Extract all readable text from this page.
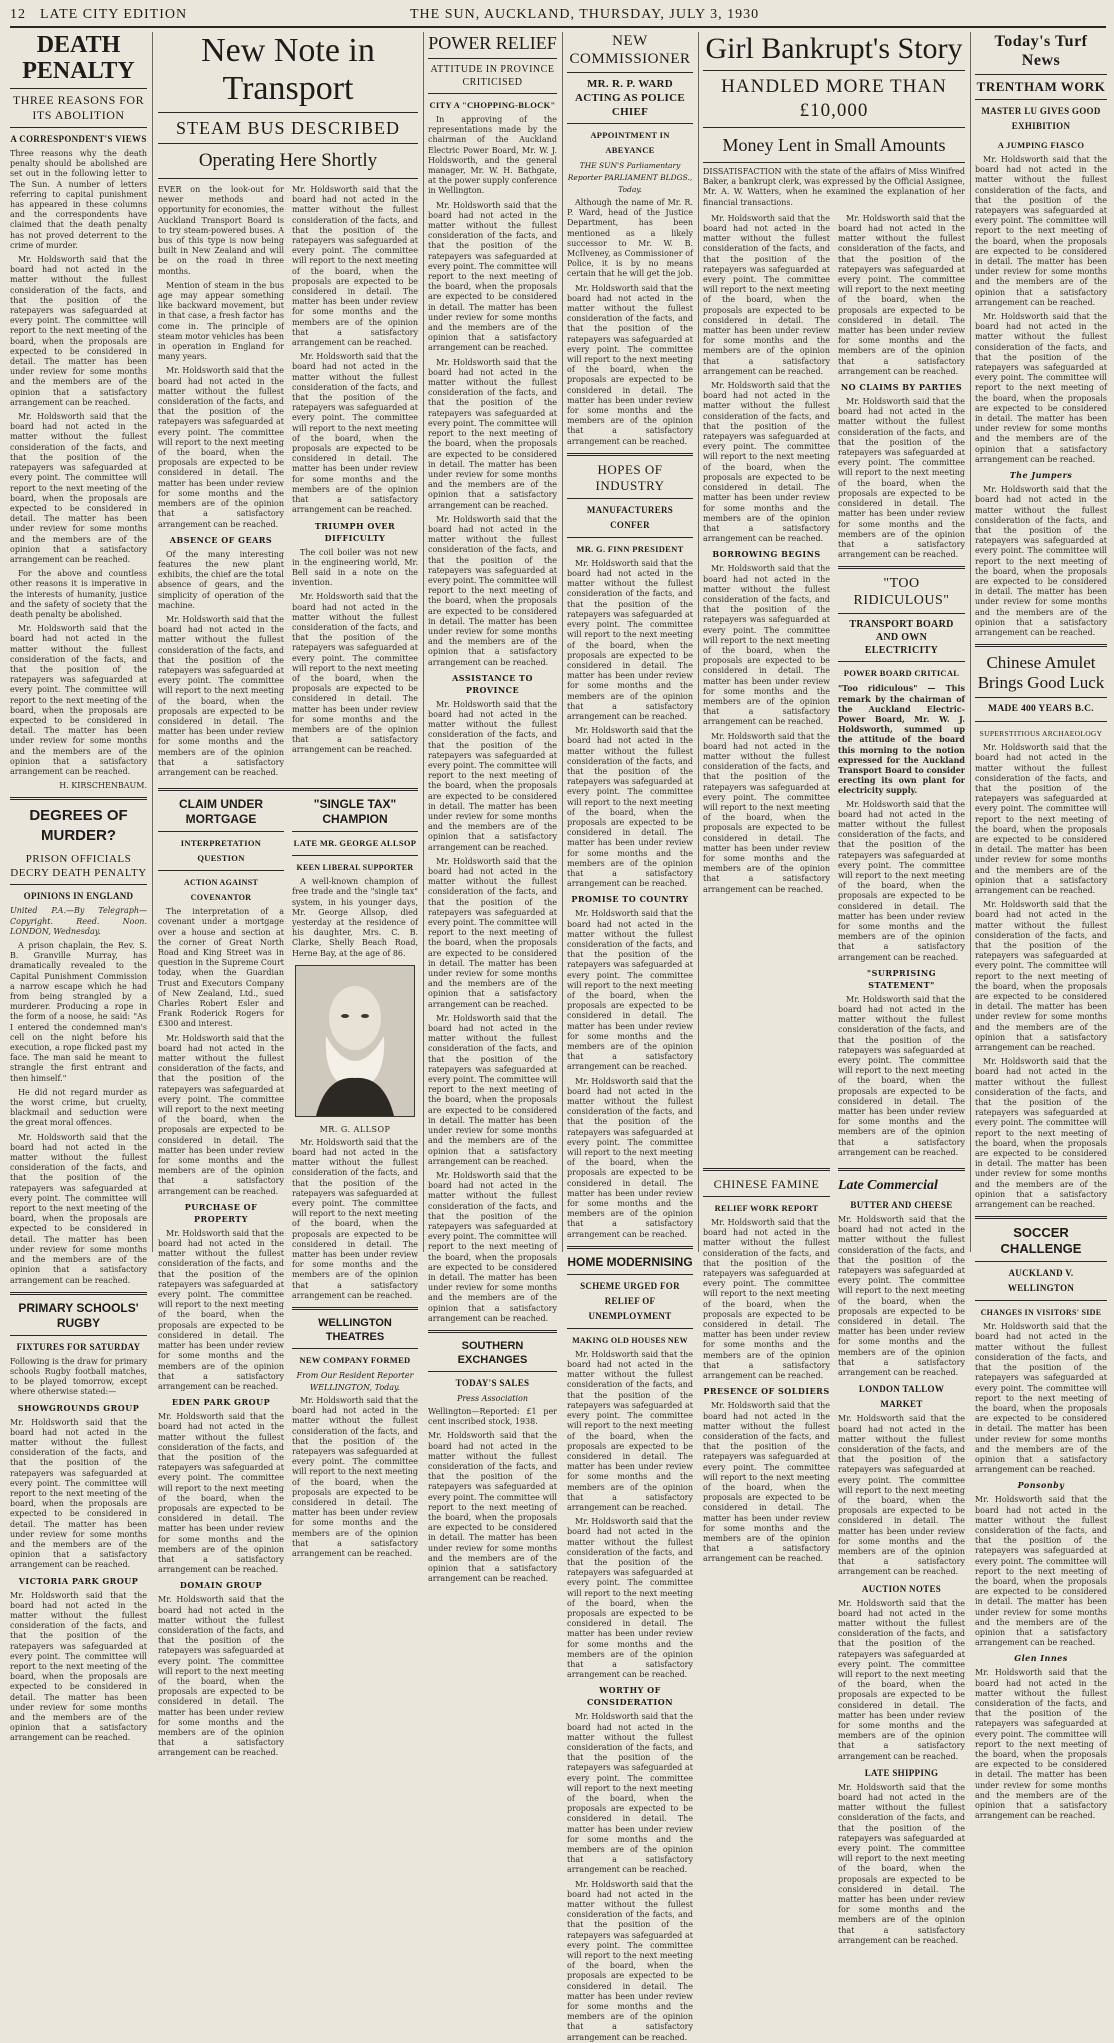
12 LATE CITY EDITION	THE SUN, AUCKLAND, THURSDAY, JULY 3, 1930
DEATH PENALTY
THREE REASONS FOR ITS ABOLITION
A CORRESPONDENT'S VIEWS

Three reasons why the death penalty should be abolished are set out in the following letter to The Sun. A number of letters referring to capital punishment has appeared in these columns and the correspondents have claimed that the death penalty has not proved deterrent to the crime of murder.

Mr. Holdsworth said that the board had not acted in the matter without the fullest consideration of the facts, and that the position of the ratepayers was safeguarded at every point. The committee will report to the next meeting of the board, when the proposals are expected to be considered in detail. The matter has been under review for some months and the members are of the opinion that a satisfactory arrangement can be reached.

Mr. Holdsworth said that the board had not acted in the matter without the fullest consideration of the facts, and that the position of the ratepayers was safeguarded at every point. The committee will report to the next meeting of the board, when the proposals are expected to be considered in detail. The matter has been under review for some months and the members are of the opinion that a satisfactory arrangement can be reached.

For the above and countless other reasons it is imperative in the interests of humanity, justice and the safety of society that the death penalty be abolished.

Mr. Holdsworth said that the board had not acted in the matter without the fullest consideration of the facts, and that the position of the ratepayers was safeguarded at every point. The committee will report to the next meeting of the board, when the proposals are expected to be considered in detail. The matter has been under review for some months and the members are of the opinion that a satisfactory arrangement can be reached.

H. KIRSCHENBAUM.

DEGREES OF MURDER?
PRISON OFFICIALS DECRY DEATH PENALTY
OPINIONS IN ENGLAND

United P.A.—By Telegraph—Copyright. Reed. Noon. LONDON, Wednesday.

A prison chaplain, the Rev. S. B. Granville Murray, has dramatically revealed to the Capital Punishment Commission a narrow escape which he had from being strangled by a murderer. Producing a rope in the form of a noose, he said: "As I entered the condemned man's cell on the night before his execution, a rope flicked past my face. The man said he meant to strangle the first entrant and then himself."

He did not regard murder as the worst crime, but cruelty, blackmail and seduction were the great moral offences.

Mr. Holdsworth said that the board had not acted in the matter without the fullest consideration of the facts, and that the position of the ratepayers was safeguarded at every point. The committee will report to the next meeting of the board, when the proposals are expected to be considered in detail. The matter has been under review for some months and the members are of the opinion that a satisfactory arrangement can be reached.

PRIMARY SCHOOLS' RUGBY
FIXTURES FOR SATURDAY

Following is the draw for primary schools Rugby football matches, to be played tomorrow, except where otherwise stated:—

SHOWGROUNDS GROUP

Mr. Holdsworth said that the board had not acted in the matter without the fullest consideration of the facts, and that the position of the ratepayers was safeguarded at every point. The committee will report to the next meeting of the board, when the proposals are expected to be considered in detail. The matter has been under review for some months and the members are of the opinion that a satisfactory arrangement can be reached.

VICTORIA PARK GROUP

Mr. Holdsworth said that the board had not acted in the matter without the fullest consideration of the facts, and that the position of the ratepayers was safeguarded at every point. The committee will report to the next meeting of the board, when the proposals are expected to be considered in detail. The matter has been under review for some months and the members are of the opinion that a satisfactory arrangement can be reached.

New Note in Transport
STEAM BUS DESCRIBED
Operating Here Shortly

EVER on the look-out for newer methods and opportunity for economies, the Auckland Transport Board is to try steam-powered buses. A bus of this type is now being built in New Zealand and will be on the road in three months.

Mention of steam in the bus age may appear something like backward movement, but in that case, a fresh factor has come in. The principle of steam motor vehicles has been in operation in England for many years.

Mr. Holdsworth said that the board had not acted in the matter without the fullest consideration of the facts, and that the position of the ratepayers was safeguarded at every point. The committee will report to the next meeting of the board, when the proposals are expected to be considered in detail. The matter has been under review for some months and the members are of the opinion that a satisfactory arrangement can be reached.

ABSENCE OF GEARS

Of the many interesting features the new plant exhibits, the chief are the total absence of gears, and the simplicity of operation of the machine.

Mr. Holdsworth said that the board had not acted in the matter without the fullest consideration of the facts, and that the position of the ratepayers was safeguarded at every point. The committee will report to the next meeting of the board, when the proposals are expected to be considered in detail. The matter has been under review for some months and the members are of the opinion that a satisfactory arrangement can be reached.

Mr. Holdsworth said that the board had not acted in the matter without the fullest consideration of the facts, and that the position of the ratepayers was safeguarded at every point. The committee will report to the next meeting of the board, when the proposals are expected to be considered in detail. The matter has been under review for some months and the members are of the opinion that a satisfactory arrangement can be reached.

Mr. Holdsworth said that the board had not acted in the matter without the fullest consideration of the facts, and that the position of the ratepayers was safeguarded at every point. The committee will report to the next meeting of the board, when the proposals are expected to be considered in detail. The matter has been under review for some months and the members are of the opinion that a satisfactory arrangement can be reached.

TRIUMPH OVER DIFFICULTY

The coil boiler was not new in the engineering world, Mr. Bell said in a note on the invention.

Mr. Holdsworth said that the board had not acted in the matter without the fullest consideration of the facts, and that the position of the ratepayers was safeguarded at every point. The committee will report to the next meeting of the board, when the proposals are expected to be considered in detail. The matter has been under review for some months and the members are of the opinion that a satisfactory arrangement can be reached.

CLAIM UNDER MORTGAGE
INTERPRETATION QUESTION
ACTION AGAINST COVENANTOR

The interpretation of a covenant under a mortgage over a house and section at the corner of Great North Road and King Street was in question in the Supreme Court today, when the Guardian Trust and Executors Company of New Zealand, Ltd., sued Charles Robert Esler and Frank Roderick Rogers for £300 and interest.

Mr. Holdsworth said that the board had not acted in the matter without the fullest consideration of the facts, and that the position of the ratepayers was safeguarded at every point. The committee will report to the next meeting of the board, when the proposals are expected to be considered in detail. The matter has been under review for some months and the members are of the opinion that a satisfactory arrangement can be reached.

PURCHASE OF PROPERTY

Mr. Holdsworth said that the board had not acted in the matter without the fullest consideration of the facts, and that the position of the ratepayers was safeguarded at every point. The committee will report to the next meeting of the board, when the proposals are expected to be considered in detail. The matter has been under review for some months and the members are of the opinion that a satisfactory arrangement can be reached.

EDEN PARK GROUP

Mr. Holdsworth said that the board had not acted in the matter without the fullest consideration of the facts, and that the position of the ratepayers was safeguarded at every point. The committee will report to the next meeting of the board, when the proposals are expected to be considered in detail. The matter has been under review for some months and the members are of the opinion that a satisfactory arrangement can be reached.

DOMAIN GROUP

Mr. Holdsworth said that the board had not acted in the matter without the fullest consideration of the facts, and that the position of the ratepayers was safeguarded at every point. The committee will report to the next meeting of the board, when the proposals are expected to be considered in detail. The matter has been under review for some months and the members are of the opinion that a satisfactory arrangement can be reached.

"SINGLE TAX" CHAMPION
LATE MR. GEORGE ALLSOP
KEEN LIBERAL SUPPORTER

A well-known champion of free trade and the "single tax" system, in his younger days, Mr. George Allsop, died yesterday at the residence of his daughter, Mrs. C. B. Clarke, Shelly Beach Road, Herne Bay, at the age of 86.

MR. G. ALLSOP

Mr. Holdsworth said that the board had not acted in the matter without the fullest consideration of the facts, and that the position of the ratepayers was safeguarded at every point. The committee will report to the next meeting of the board, when the proposals are expected to be considered in detail. The matter has been under review for some months and the members are of the opinion that a satisfactory arrangement can be reached.

WELLINGTON THEATRES
NEW COMPANY FORMED

From Our Resident Reporter WELLINGTON, Today.

Mr. Holdsworth said that the board had not acted in the matter without the fullest consideration of the facts, and that the position of the ratepayers was safeguarded at every point. The committee will report to the next meeting of the board, when the proposals are expected to be considered in detail. The matter has been under review for some months and the members are of the opinion that a satisfactory arrangement can be reached.

POWER RELIEF
ATTITUDE IN PROVINCE CRITICISED
CITY A "CHOPPING-BLOCK"

In approving of the representations made by the chairman of the Auckland Electric Power Board, Mr. W. J. Holdsworth, and the general manager, Mr. W. H. Bathgate, at the power supply conference in Wellington.

Mr. Holdsworth said that the board had not acted in the matter without the fullest consideration of the facts, and that the position of the ratepayers was safeguarded at every point. The committee will report to the next meeting of the board, when the proposals are expected to be considered in detail. The matter has been under review for some months and the members are of the opinion that a satisfactory arrangement can be reached.

Mr. Holdsworth said that the board had not acted in the matter without the fullest consideration of the facts, and that the position of the ratepayers was safeguarded at every point. The committee will report to the next meeting of the board, when the proposals are expected to be considered in detail. The matter has been under review for some months and the members are of the opinion that a satisfactory arrangement can be reached.

Mr. Holdsworth said that the board had not acted in the matter without the fullest consideration of the facts, and that the position of the ratepayers was safeguarded at every point. The committee will report to the next meeting of the board, when the proposals are expected to be considered in detail. The matter has been under review for some months and the members are of the opinion that a satisfactory arrangement can be reached.

ASSISTANCE TO PROVINCE

Mr. Holdsworth said that the board had not acted in the matter without the fullest consideration of the facts, and that the position of the ratepayers was safeguarded at every point. The committee will report to the next meeting of the board, when the proposals are expected to be considered in detail. The matter has been under review for some months and the members are of the opinion that a satisfactory arrangement can be reached.

Mr. Holdsworth said that the board had not acted in the matter without the fullest consideration of the facts, and that the position of the ratepayers was safeguarded at every point. The committee will report to the next meeting of the board, when the proposals are expected to be considered in detail. The matter has been under review for some months and the members are of the opinion that a satisfactory arrangement can be reached.

Mr. Holdsworth said that the board had not acted in the matter without the fullest consideration of the facts, and that the position of the ratepayers was safeguarded at every point. The committee will report to the next meeting of the board, when the proposals are expected to be considered in detail. The matter has been under review for some months and the members are of the opinion that a satisfactory arrangement can be reached.

Mr. Holdsworth said that the board had not acted in the matter without the fullest consideration of the facts, and that the position of the ratepayers was safeguarded at every point. The committee will report to the next meeting of the board, when the proposals are expected to be considered in detail. The matter has been under review for some months and the members are of the opinion that a satisfactory arrangement can be reached.

SOUTHERN EXCHANGES
TODAY'S SALES

Press Association

Wellington—Reported: £1 per cent inscribed stock, 1938.

Mr. Holdsworth said that the board had not acted in the matter without the fullest consideration of the facts, and that the position of the ratepayers was safeguarded at every point. The committee will report to the next meeting of the board, when the proposals are expected to be considered in detail. The matter has been under review for some months and the members are of the opinion that a satisfactory arrangement can be reached.

NEW COMMISSIONER
MR. R. P. WARD ACTING AS POLICE CHIEF
APPOINTMENT IN ABEYANCE

THE SUN'S Parliamentary Reporter PARLIAMENT BLDGS., Today.

Although the name of Mr. R. P. Ward, head of the Justice Department, has been mentioned as a likely successor to Mr. W. B. McIlveney, as Commissioner of Police, it is by no means certain that he will get the job.

Mr. Holdsworth said that the board had not acted in the matter without the fullest consideration of the facts, and that the position of the ratepayers was safeguarded at every point. The committee will report to the next meeting of the board, when the proposals are expected to be considered in detail. The matter has been under review for some months and the members are of the opinion that a satisfactory arrangement can be reached.

HOPES OF INDUSTRY
MANUFACTURERS CONFER
MR. G. FINN PRESIDENT

Mr. Holdsworth said that the board had not acted in the matter without the fullest consideration of the facts, and that the position of the ratepayers was safeguarded at every point. The committee will report to the next meeting of the board, when the proposals are expected to be considered in detail. The matter has been under review for some months and the members are of the opinion that a satisfactory arrangement can be reached.

Mr. Holdsworth said that the board had not acted in the matter without the fullest consideration of the facts, and that the position of the ratepayers was safeguarded at every point. The committee will report to the next meeting of the board, when the proposals are expected to be considered in detail. The matter has been under review for some months and the members are of the opinion that a satisfactory arrangement can be reached.

PROMISE TO COUNTRY

Mr. Holdsworth said that the board had not acted in the matter without the fullest consideration of the facts, and that the position of the ratepayers was safeguarded at every point. The committee will report to the next meeting of the board, when the proposals are expected to be considered in detail. The matter has been under review for some months and the members are of the opinion that a satisfactory arrangement can be reached.

Mr. Holdsworth said that the board had not acted in the matter without the fullest consideration of the facts, and that the position of the ratepayers was safeguarded at every point. The committee will report to the next meeting of the board, when the proposals are expected to be considered in detail. The matter has been under review for some months and the members are of the opinion that a satisfactory arrangement can be reached.

HOME MODERNISING
SCHEME URGED FOR RELIEF OF UNEMPLOYMENT
MAKING OLD HOUSES NEW

Mr. Holdsworth said that the board had not acted in the matter without the fullest consideration of the facts, and that the position of the ratepayers was safeguarded at every point. The committee will report to the next meeting of the board, when the proposals are expected to be considered in detail. The matter has been under review for some months and the members are of the opinion that a satisfactory arrangement can be reached.

Mr. Holdsworth said that the board had not acted in the matter without the fullest consideration of the facts, and that the position of the ratepayers was safeguarded at every point. The committee will report to the next meeting of the board, when the proposals are expected to be considered in detail. The matter has been under review for some months and the members are of the opinion that a satisfactory arrangement can be reached.

WORTHY OF CONSIDERATION

Mr. Holdsworth said that the board had not acted in the matter without the fullest consideration of the facts, and that the position of the ratepayers was safeguarded at every point. The committee will report to the next meeting of the board, when the proposals are expected to be considered in detail. The matter has been under review for some months and the members are of the opinion that a satisfactory arrangement can be reached.

Mr. Holdsworth said that the board had not acted in the matter without the fullest consideration of the facts, and that the position of the ratepayers was safeguarded at every point. The committee will report to the next meeting of the board, when the proposals are expected to be considered in detail. The matter has been under review for some months and the members are of the opinion that a satisfactory arrangement can be reached.

Girl Bankrupt's Story
HANDLED MORE THAN £10,000
Money Lent in Small Amounts

DISSATISFACTION with the state of the affairs of Miss Winifred Baker, a bankrupt clerk, was expressed by the Official Assignee, Mr. A. W. Watters, when he examined the explanation of her financial transactions.

Mr. Holdsworth said that the board had not acted in the matter without the fullest consideration of the facts, and that the position of the ratepayers was safeguarded at every point. The committee will report to the next meeting of the board, when the proposals are expected to be considered in detail. The matter has been under review for some months and the members are of the opinion that a satisfactory arrangement can be reached.

Mr. Holdsworth said that the board had not acted in the matter without the fullest consideration of the facts, and that the position of the ratepayers was safeguarded at every point. The committee will report to the next meeting of the board, when the proposals are expected to be considered in detail. The matter has been under review for some months and the members are of the opinion that a satisfactory arrangement can be reached.

BORROWING BEGINS

Mr. Holdsworth said that the board had not acted in the matter without the fullest consideration of the facts, and that the position of the ratepayers was safeguarded at every point. The committee will report to the next meeting of the board, when the proposals are expected to be considered in detail. The matter has been under review for some months and the members are of the opinion that a satisfactory arrangement can be reached.

Mr. Holdsworth said that the board had not acted in the matter without the fullest consideration of the facts, and that the position of the ratepayers was safeguarded at every point. The committee will report to the next meeting of the board, when the proposals are expected to be considered in detail. The matter has been under review for some months and the members are of the opinion that a satisfactory arrangement can be reached.

Mr. Holdsworth said that the board had not acted in the matter without the fullest consideration of the facts, and that the position of the ratepayers was safeguarded at every point. The committee will report to the next meeting of the board, when the proposals are expected to be considered in detail. The matter has been under review for some months and the members are of the opinion that a satisfactory arrangement can be reached.

NO CLAIMS BY PARTIES

Mr. Holdsworth said that the board had not acted in the matter without the fullest consideration of the facts, and that the position of the ratepayers was safeguarded at every point. The committee will report to the next meeting of the board, when the proposals are expected to be considered in detail. The matter has been under review for some months and the members are of the opinion that a satisfactory arrangement can be reached.

"TOO RIDICULOUS"
TRANSPORT BOARD AND OWN ELECTRICITY
POWER BOARD CRITICAL

"Too ridiculous" — This remark by the chairman of the Auckland Electric-Power Board, Mr. W. J. Holdsworth, summed up the attitude of the board this morning to the notion expressed for the Auckland Transport Board to consider erecting its own plant for electricity supply.

Mr. Holdsworth said that the board had not acted in the matter without the fullest consideration of the facts, and that the position of the ratepayers was safeguarded at every point. The committee will report to the next meeting of the board, when the proposals are expected to be considered in detail. The matter has been under review for some months and the members are of the opinion that a satisfactory arrangement can be reached.

"SURPRISING STATEMENT"

Mr. Holdsworth said that the board had not acted in the matter without the fullest consideration of the facts, and that the position of the ratepayers was safeguarded at every point. The committee will report to the next meeting of the board, when the proposals are expected to be considered in detail. The matter has been under review for some months and the members are of the opinion that a satisfactory arrangement can be reached.

CHINESE FAMINE
RELIEF WORK REPORT

Mr. Holdsworth said that the board had not acted in the matter without the fullest consideration of the facts, and that the position of the ratepayers was safeguarded at every point. The committee will report to the next meeting of the board, when the proposals are expected to be considered in detail. The matter has been under review for some months and the members are of the opinion that a satisfactory arrangement can be reached.

PRESENCE OF SOLDIERS

Mr. Holdsworth said that the board had not acted in the matter without the fullest consideration of the facts, and that the position of the ratepayers was safeguarded at every point. The committee will report to the next meeting of the board, when the proposals are expected to be considered in detail. The matter has been under review for some months and the members are of the opinion that a satisfactory arrangement can be reached.

Late Commercial
BUTTER AND CHEESE

Mr. Holdsworth said that the board had not acted in the matter without the fullest consideration of the facts, and that the position of the ratepayers was safeguarded at every point. The committee will report to the next meeting of the board, when the proposals are expected to be considered in detail. The matter has been under review for some months and the members are of the opinion that a satisfactory arrangement can be reached.

LONDON TALLOW MARKET

Mr. Holdsworth said that the board had not acted in the matter without the fullest consideration of the facts, and that the position of the ratepayers was safeguarded at every point. The committee will report to the next meeting of the board, when the proposals are expected to be considered in detail. The matter has been under review for some months and the members are of the opinion that a satisfactory arrangement can be reached.

AUCTION NOTES

Mr. Holdsworth said that the board had not acted in the matter without the fullest consideration of the facts, and that the position of the ratepayers was safeguarded at every point. The committee will report to the next meeting of the board, when the proposals are expected to be considered in detail. The matter has been under review for some months and the members are of the opinion that a satisfactory arrangement can be reached.

LATE SHIPPING

Mr. Holdsworth said that the board had not acted in the matter without the fullest consideration of the facts, and that the position of the ratepayers was safeguarded at every point. The committee will report to the next meeting of the board, when the proposals are expected to be considered in detail. The matter has been under review for some months and the members are of the opinion that a satisfactory arrangement can be reached.

Today's Turf News
TRENTHAM WORK
MASTER LU GIVES GOOD EXHIBITION
A JUMPING FIASCO

Mr. Holdsworth said that the board had not acted in the matter without the fullest consideration of the facts, and that the position of the ratepayers was safeguarded at every point. The committee will report to the next meeting of the board, when the proposals are expected to be considered in detail. The matter has been under review for some months and the members are of the opinion that a satisfactory arrangement can be reached.

Mr. Holdsworth said that the board had not acted in the matter without the fullest consideration of the facts, and that the position of the ratepayers was safeguarded at every point. The committee will report to the next meeting of the board, when the proposals are expected to be considered in detail. The matter has been under review for some months and the members are of the opinion that a satisfactory arrangement can be reached.

The Jumpers

Mr. Holdsworth said that the board had not acted in the matter without the fullest consideration of the facts, and that the position of the ratepayers was safeguarded at every point. The committee will report to the next meeting of the board, when the proposals are expected to be considered in detail. The matter has been under review for some months and the members are of the opinion that a satisfactory arrangement can be reached.

Chinese Amulet Brings Good Luck
MADE 400 YEARS B.C.
SUPERSTITIOUS ARCHAEOLOGY

Mr. Holdsworth said that the board had not acted in the matter without the fullest consideration of the facts, and that the position of the ratepayers was safeguarded at every point. The committee will report to the next meeting of the board, when the proposals are expected to be considered in detail. The matter has been under review for some months and the members are of the opinion that a satisfactory arrangement can be reached.

Mr. Holdsworth said that the board had not acted in the matter without the fullest consideration of the facts, and that the position of the ratepayers was safeguarded at every point. The committee will report to the next meeting of the board, when the proposals are expected to be considered in detail. The matter has been under review for some months and the members are of the opinion that a satisfactory arrangement can be reached.

Mr. Holdsworth said that the board had not acted in the matter without the fullest consideration of the facts, and that the position of the ratepayers was safeguarded at every point. The committee will report to the next meeting of the board, when the proposals are expected to be considered in detail. The matter has been under review for some months and the members are of the opinion that a satisfactory arrangement can be reached.

SOCCER CHALLENGE
AUCKLAND V. WELLINGTON
CHANGES IN VISITORS' SIDE

Mr. Holdsworth said that the board had not acted in the matter without the fullest consideration of the facts, and that the position of the ratepayers was safeguarded at every point. The committee will report to the next meeting of the board, when the proposals are expected to be considered in detail. The matter has been under review for some months and the members are of the opinion that a satisfactory arrangement can be reached.

Ponsonby

Mr. Holdsworth said that the board had not acted in the matter without the fullest consideration of the facts, and that the position of the ratepayers was safeguarded at every point. The committee will report to the next meeting of the board, when the proposals are expected to be considered in detail. The matter has been under review for some months and the members are of the opinion that a satisfactory arrangement can be reached.

Glen Innes

Mr. Holdsworth said that the board had not acted in the matter without the fullest consideration of the facts, and that the position of the ratepayers was safeguarded at every point. The committee will report to the next meeting of the board, when the proposals are expected to be considered in detail. The matter has been under review for some months and the members are of the opinion that a satisfactory arrangement can be reached.
